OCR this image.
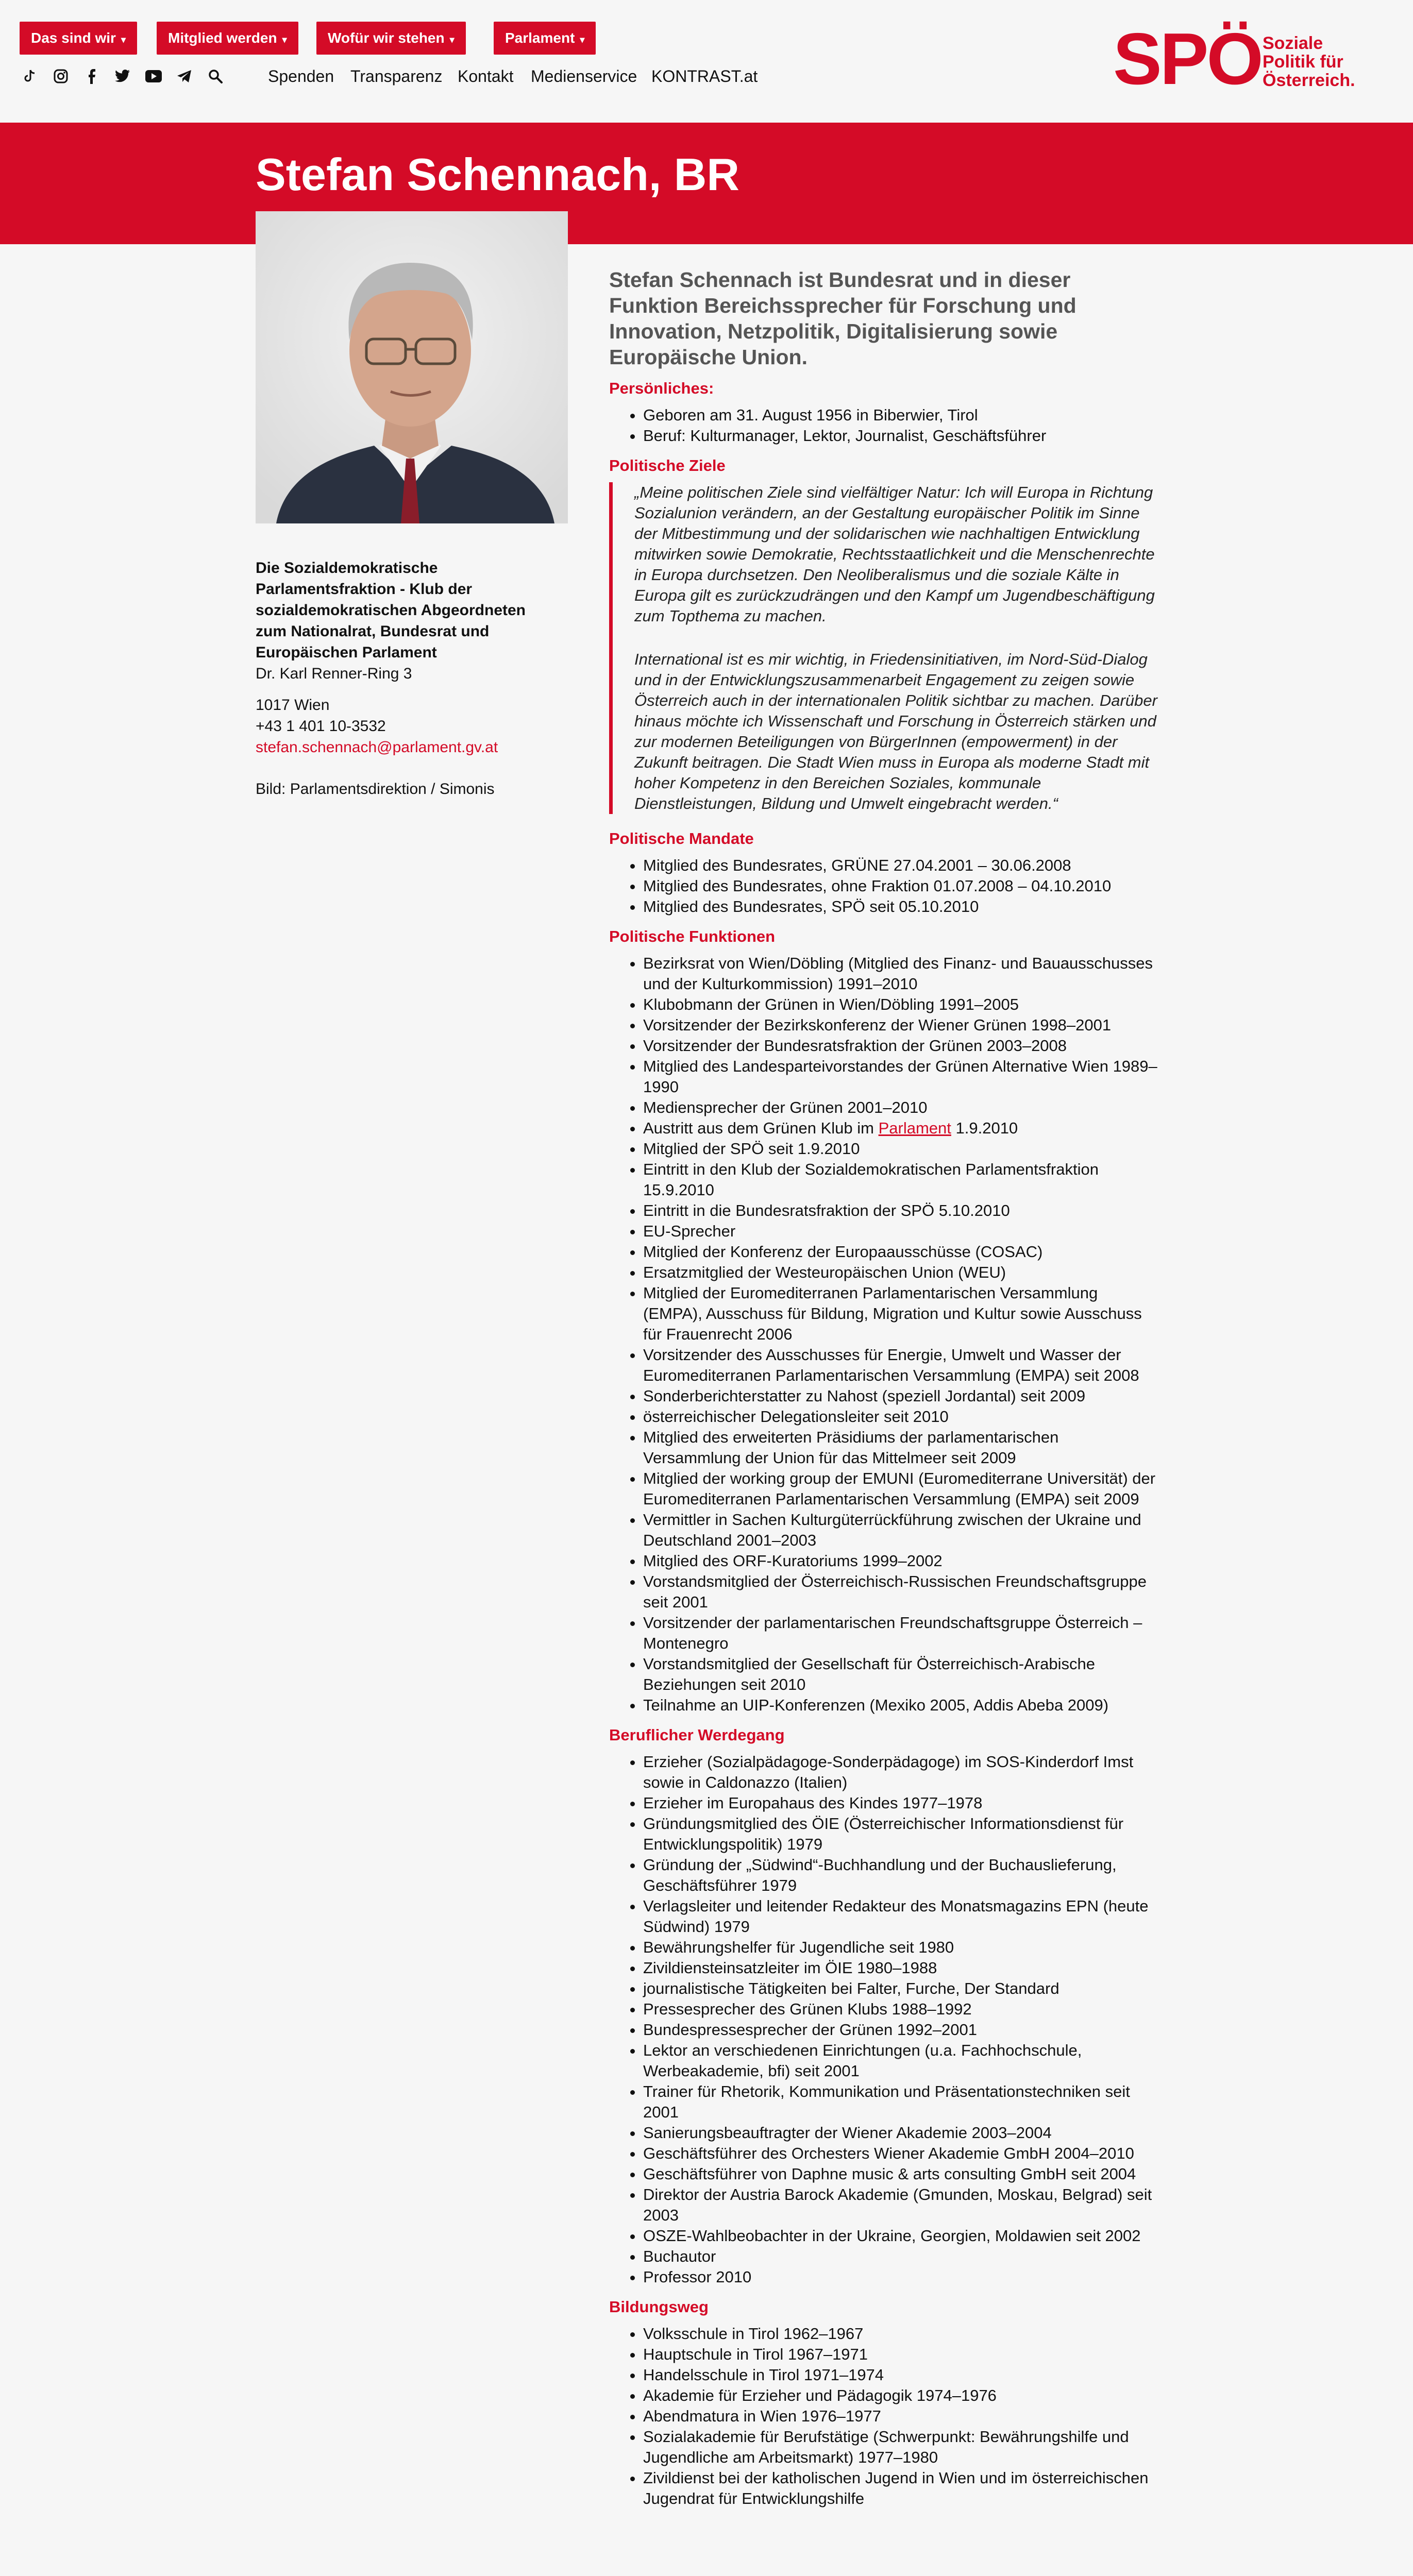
Das sind wir ▾	Mitglied werden ▾	Wofür wir stehen ▾	Parlament ▾
Spenden Transparenz Kontakt Medienservice KONTRAST.at	SPÖ Soziale
Politik für
Österreich.
Stefan Schennach, BR
Die Sozialdemokratische
Parlamentsfraktion - Klub der
sozialdemokratischen Abgeordneten
zum Nationalrat, Bundesrat und
Europäischen Parlament
Dr. Karl Renner-Ring 3
1017 Wien
+43 1 401 10-3532
stefan.schennach@parlament.gv.at
Bild: Parlamentsdirektion / Simonis

Stefan Schennach ist Bundesrat und in dieser Funktion Bereichssprecher für Forschung und Innovation, Netzpolitik, Digitalisierung sowie Europäische Union.

Persönliches:
• Geboren am 31. August 1956 in Biberwier, Tirol
• Beruf: Kulturmanager, Lektor, Journalist, Geschäftsführer
Politische Ziele

„Meine politischen Ziele sind vielfältiger Natur: Ich will Europa in Richtung Sozialunion verändern, an der Gestaltung europäischer Politik im Sinne der Mitbestimmung und der solidarischen wie nachhaltigen Entwicklung mitwirken sowie Demokratie, Rechtsstaatlichkeit und die Menschenrechte in Europa durchsetzen. Den Neoliberalismus und die soziale Kälte in Europa gilt es zurückzudrängen und den Kampf um Jugendbeschäftigung zum Topthema zu machen.

International ist es mir wichtig, in Friedensinitiativen, im Nord-Süd-Dialog und in der Entwicklungszusammenarbeit Engagement zu zeigen sowie Österreich auch in der internationalen Politik sichtbar zu machen. Darüber hinaus möchte ich Wissenschaft und Forschung in Österreich stärken und zur modernen Beteiligungen von BürgerInnen (empowerment) in der Zukunft beitragen. Die Stadt Wien muss in Europa als moderne Stadt mit hoher Kompetenz in den Bereichen Soziales, kommunale Dienstleistungen, Bildung und Umwelt eingebracht werden.“

Politische Mandate
• Mitglied des Bundesrates, GRÜNE 27.04.2001 – 30.06.2008
• Mitglied des Bundesrates, ohne Fraktion 01.07.2008 – 04.10.2010
• Mitglied des Bundesrates, SPÖ seit 05.10.2010
Politische Funktionen
• Bezirksrat von Wien/Döbling (Mitglied des Finanz- und Bauausschusses und der Kulturkommission) 1991–2010
• Klubobmann der Grünen in Wien/Döbling 1991–2005
• Vorsitzender der Bezirkskonferenz der Wiener Grünen 1998–2001
• Vorsitzender der Bundesratsfraktion der Grünen 2003–2008
• Mitglied des Landesparteivorstandes der Grünen Alternative Wien 1989–1990
• Mediensprecher der Grünen 2001–2010
• Austritt aus dem Grünen Klub im Parlament 1.9.2010
• Mitglied der SPÖ seit 1.9.2010
• Eintritt in den Klub der Sozialdemokratischen Parlamentsfraktion 15.9.2010
• Eintritt in die Bundesratsfraktion der SPÖ 5.10.2010
• EU-Sprecher
• Mitglied der Konferenz der Europaausschüsse (COSAC)
• Ersatzmitglied der Westeuropäischen Union (WEU)
• Mitglied der Euromediterranen Parlamentarischen Versammlung (EMPA), Ausschuss für Bildung, Migration und Kultur sowie Ausschuss für Frauenrecht 2006
• Vorsitzender des Ausschusses für Energie, Umwelt und Wasser der Euromediterranen Parlamentarischen Versammlung (EMPA) seit 2008
• Sonderberichterstatter zu Nahost (speziell Jordantal) seit 2009
• österreichischer Delegationsleiter seit 2010
• Mitglied des erweiterten Präsidiums der parlamentarischen Versammlung der Union für das Mittelmeer seit 2009
• Mitglied der working group der EMUNI (Euromediterrane Universität) der Euromediterranen Parlamentarischen Versammlung (EMPA) seit 2009
• Vermittler in Sachen Kulturgüterrückführung zwischen der Ukraine und Deutschland 2001–2003
• Mitglied des ORF-Kuratoriums 1999–2002
• Vorstandsmitglied der Österreichisch-Russischen Freundschaftsgruppe seit 2001
• Vorsitzender der parlamentarischen Freundschaftsgruppe Österreich – Montenegro
• Vorstandsmitglied der Gesellschaft für Österreichisch-Arabische Beziehungen seit 2010
• Teilnahme an UIP-Konferenzen (Mexiko 2005, Addis Abeba 2009)
Beruflicher Werdegang
• Erzieher (Sozialpädagoge-Sonderpädagoge) im SOS-Kinderdorf Imst sowie in Caldonazzo (Italien)
• Erzieher im Europahaus des Kindes 1977–1978
• Gründungsmitglied des ÖIE (Österreichischer Informationsdienst für Entwicklungspolitik) 1979
• Gründung der „Südwind“-Buchhandlung und der Buchauslieferung, Geschäftsführer 1979
• Verlagsleiter und leitender Redakteur des Monatsmagazins EPN (heute Südwind) 1979
• Bewährungshelfer für Jugendliche seit 1980
• Zivildiensteinsatzleiter im ÖIE 1980–1988
• journalistische Tätigkeiten bei Falter, Furche, Der Standard
• Pressesprecher des Grünen Klubs 1988–1992
• Bundespressesprecher der Grünen 1992–2001
• Lektor an verschiedenen Einrichtungen (u.a. Fachhochschule, Werbeakademie, bfi) seit 2001
• Trainer für Rhetorik, Kommunikation und Präsentationstechniken seit 2001
• Sanierungsbeauftragter der Wiener Akademie 2003–2004
• Geschäftsführer des Orchesters Wiener Akademie GmbH 2004–2010
• Geschäftsführer von Daphne music & arts consulting GmbH seit 2004
• Direktor der Austria Barock Akademie (Gmunden, Moskau, Belgrad) seit 2003
• OSZE-Wahlbeobachter in der Ukraine, Georgien, Moldawien seit 2002
• Buchautor
• Professor 2010
Bildungsweg
• Volksschule in Tirol 1962–1967
• Hauptschule in Tirol 1967–1971
• Handelsschule in Tirol 1971–1974
• Akademie für Erzieher und Pädagogik 1974–1976
• Abendmatura in Wien 1976–1977
• Sozialakademie für Berufstätige (Schwerpunkt: Bewährungshilfe und Jugendliche am Arbeitsmarkt) 1977–1980
• Zivildienst bei der katholischen Jugend in Wien und im österreichischen Jugendrat für Entwicklungshilfe
